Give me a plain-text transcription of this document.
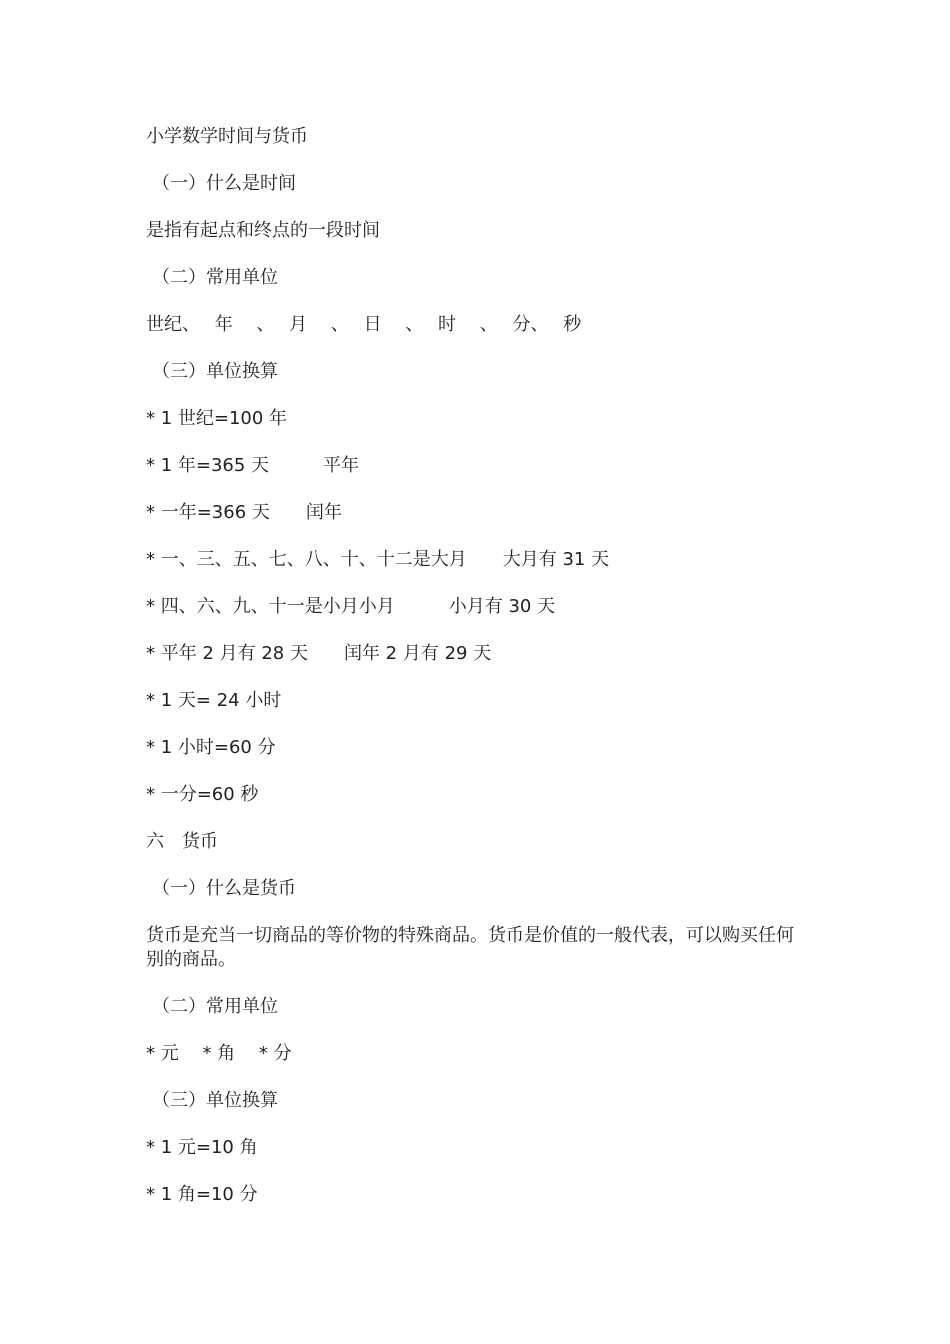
小学数学时间与货币
（一）什么是时间
是指有起点和终点的一段时间
（二）常用单位
世纪、　 年 　、　 月 　、　 日 　、　 时 　、　 分、　 秒
（三）单位换算
* 1 世纪=100 年
* 1 年=365 天　　　平年
* 一年=366 天　　闰年
* 一、三、五、七、八、十、十二是大月　　大月有 31 天
* 四、六、九、十一是小月小月　　　小月有 30 天
* 平年 2 月有 28 天　　闰年 2 月有 29 天
* 1 天= 24 小时
* 1 小时=60 分
* 一分=60 秒
六　货币
（一）什么是货币
货币是充当一切商品的等价物的特殊商品。货币是价值的一般代表，可以购买任何别的商品。
（二）常用单位
* 元　 * 角　 * 分
（三）单位换算
* 1 元=10 角
* 1 角=10 分
